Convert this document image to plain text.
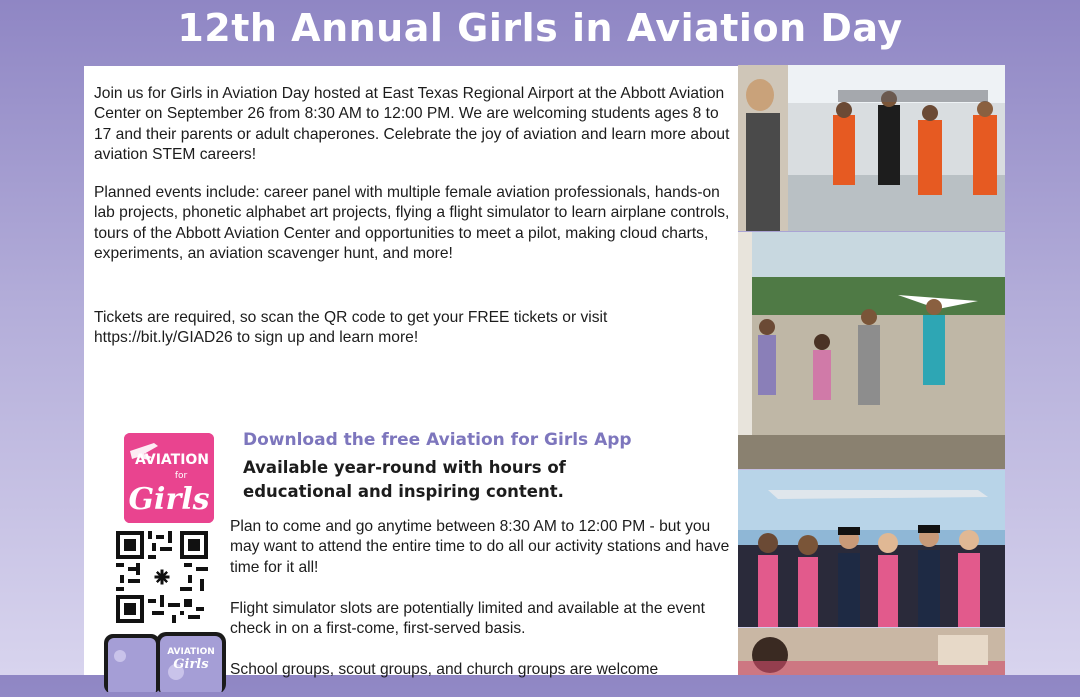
12th Annual Girls in Aviation Day

Join us for Girls in Aviation Day hosted at East Texas Regional Airport at the Abbott Aviation Center on September 26 from 8:30 AM to 12:00 PM. We are welcoming students ages 8 to 17 and their parents or adult chaperones. Celebrate the joy of aviation and learn more about aviation STEM careers!

Planned events include: career panel with multiple female aviation professionals, hands-on lab projects, phonetic alphabet art projects, flying a flight simulator to learn airplane controls, tours of the Abbott Aviation Center and opportunities to meet a pilot, making cloud charts, experiments, an aviation scavenger hunt, and more!

Tickets are required, so scan the QR code to get your FREE tickets or visit https://bit.ly/GIAD26 to sign up and learn more!

AVIATION
for
Girls
AVIATION
Girls
Download the free Aviation for Girls App
Available year-round with hours of educational and inspiring content.

Plan to come and go anytime between 8:30 AM to 12:00 PM - but you may want to attend the entire time to do all our activity stations and have time for it all!

Flight simulator slots are potentially limited and available at the event check in on a first-come, first-served basis.

School groups, scout groups, and church groups are welcome
